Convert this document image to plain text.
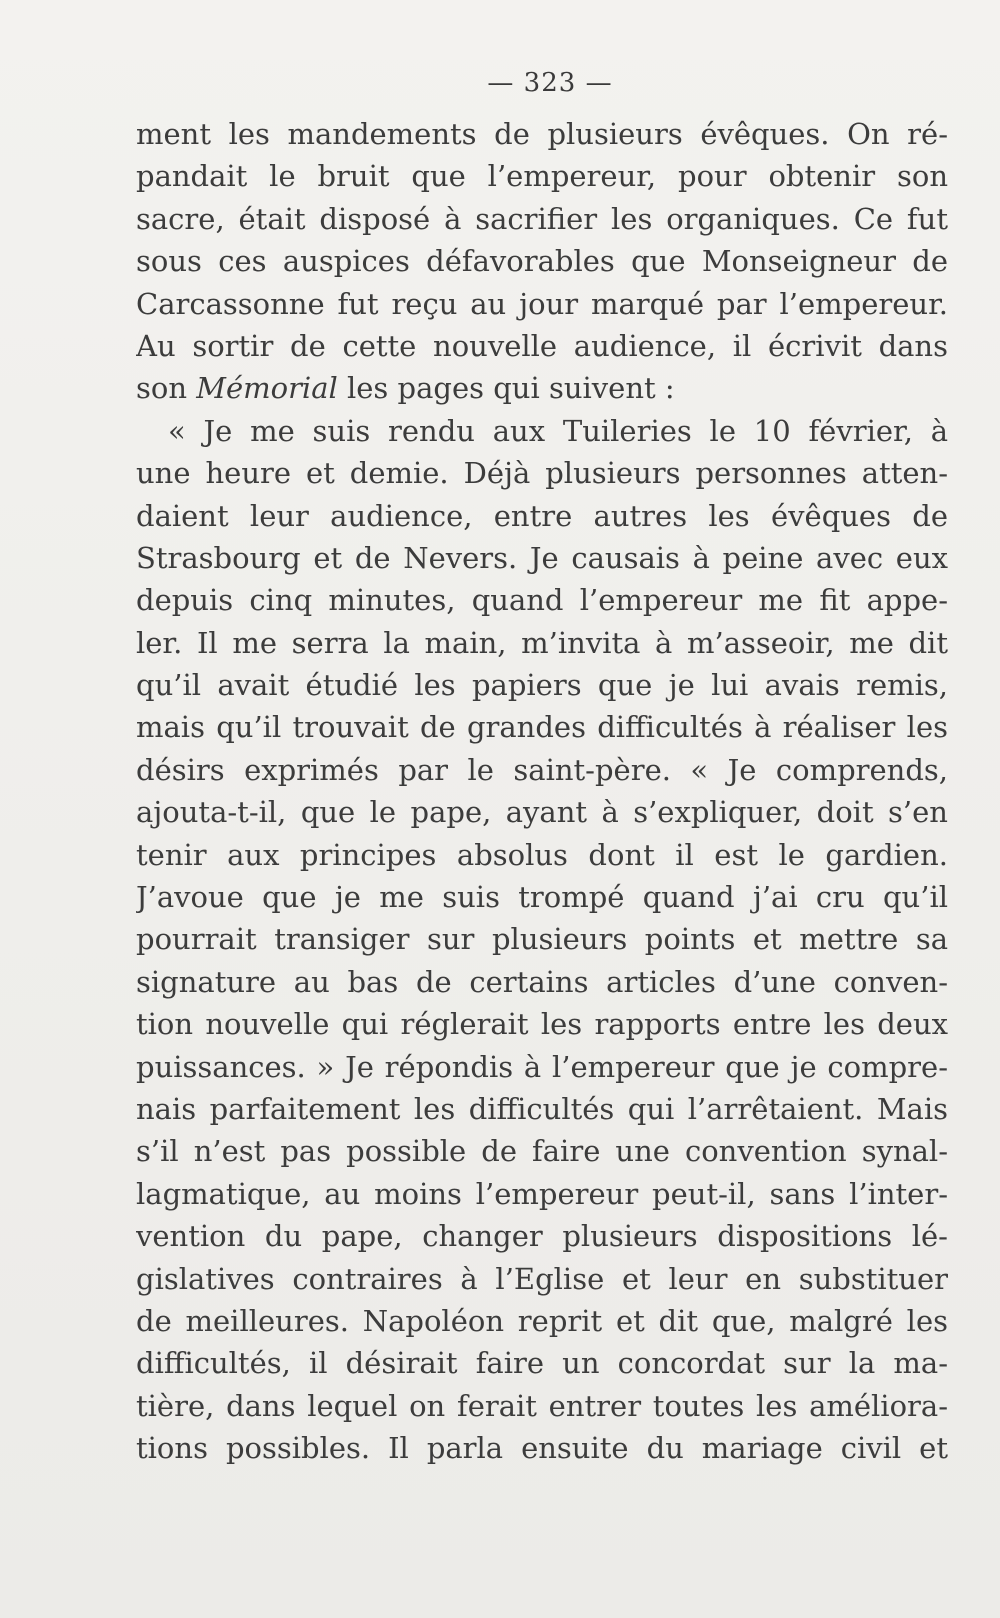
— 323 —
ment les mandements de plusieurs évêques. On ré-
pandait le bruit que l’empereur, pour obtenir son
sacre, était disposé à sacrifier les organiques. Ce fut
sous ces auspices défavorables que Monseigneur de
Carcassonne fut reçu au jour marqué par l’empereur.
Au sortir de cette nouvelle audience, il écrivit dans
son Mémorial les pages qui suivent :
« Je me suis rendu aux Tuileries le 10 février, à
une heure et demie. Déjà plusieurs personnes atten-
daient leur audience, entre autres les évêques de
Strasbourg et de Nevers. Je causais à peine avec eux
depuis cinq minutes, quand l’empereur me fit appe-
ler. Il me serra la main, m’invita à m’asseoir, me dit
qu’il avait étudié les papiers que je lui avais remis,
mais qu’il trouvait de grandes difficultés à réaliser les
désirs exprimés par le saint-père. « Je comprends,
ajouta-t-il, que le pape, ayant à s’expliquer, doit s’en
tenir aux principes absolus dont il est le gardien.
J’avoue que je me suis trompé quand j’ai cru qu’il
pourrait transiger sur plusieurs points et mettre sa
signature au bas de certains articles d’une conven-
tion nouvelle qui réglerait les rapports entre les deux
puissances. » Je répondis à l’empereur que je compre-
nais parfaitement les difficultés qui l’arrêtaient. Mais
s’il n’est pas possible de faire une convention synal-
lagmatique, au moins l’empereur peut-il, sans l’inter-
vention du pape, changer plusieurs dispositions lé-
gislatives contraires à l’Eglise et leur en substituer
de meilleures. Napoléon reprit et dit que, malgré les
difficultés, il désirait faire un concordat sur la ma-
tière, dans lequel on ferait entrer toutes les améliora-
tions possibles. Il parla ensuite du mariage civil et
